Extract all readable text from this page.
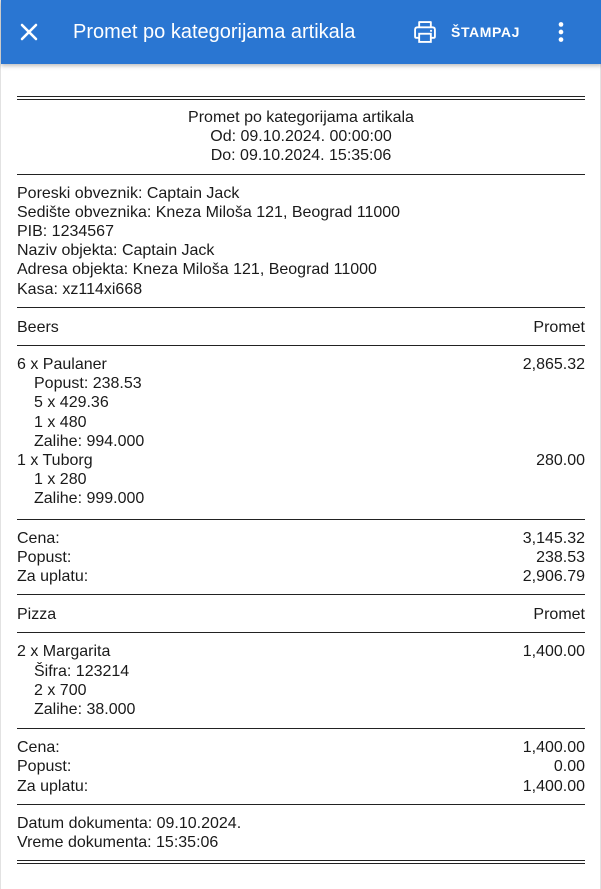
Promet po kategorijama artikala	ŠTAMPAJ
Promet po kategorijama artikala
Od: 09.10.2024. 00:00:00
Do: 09.10.2024. 15:35:06
Poreski obveznik: Captain Jack
Sedište obveznika: Kneza Miloša 121, Beograd 11000
PIB: 1234567
Naziv objekta: Captain Jack
Adresa objekta: Kneza Miloša 121, Beograd 11000
Kasa: xz114xi668
Beers	Promet
6 x Paulaner	2,865.32
Popust: 238.53
5 x 429.36
1 x 480
Zalihe: 994.000
1 x Tuborg	280.00
1 x 280
Zalihe: 999.000
Cena:	3,145.32
Popust:	238.53
Za uplatu:	2,906.79
Pizza	Promet
2 x Margarita	1,400.00
Šifra: 123214
2 x 700
Zalihe: 38.000
Cena:	1,400.00
Popust:	0.00
Za uplatu:	1,400.00
Datum dokumenta: 09.10.2024.
Vreme dokumenta: 15:35:06
